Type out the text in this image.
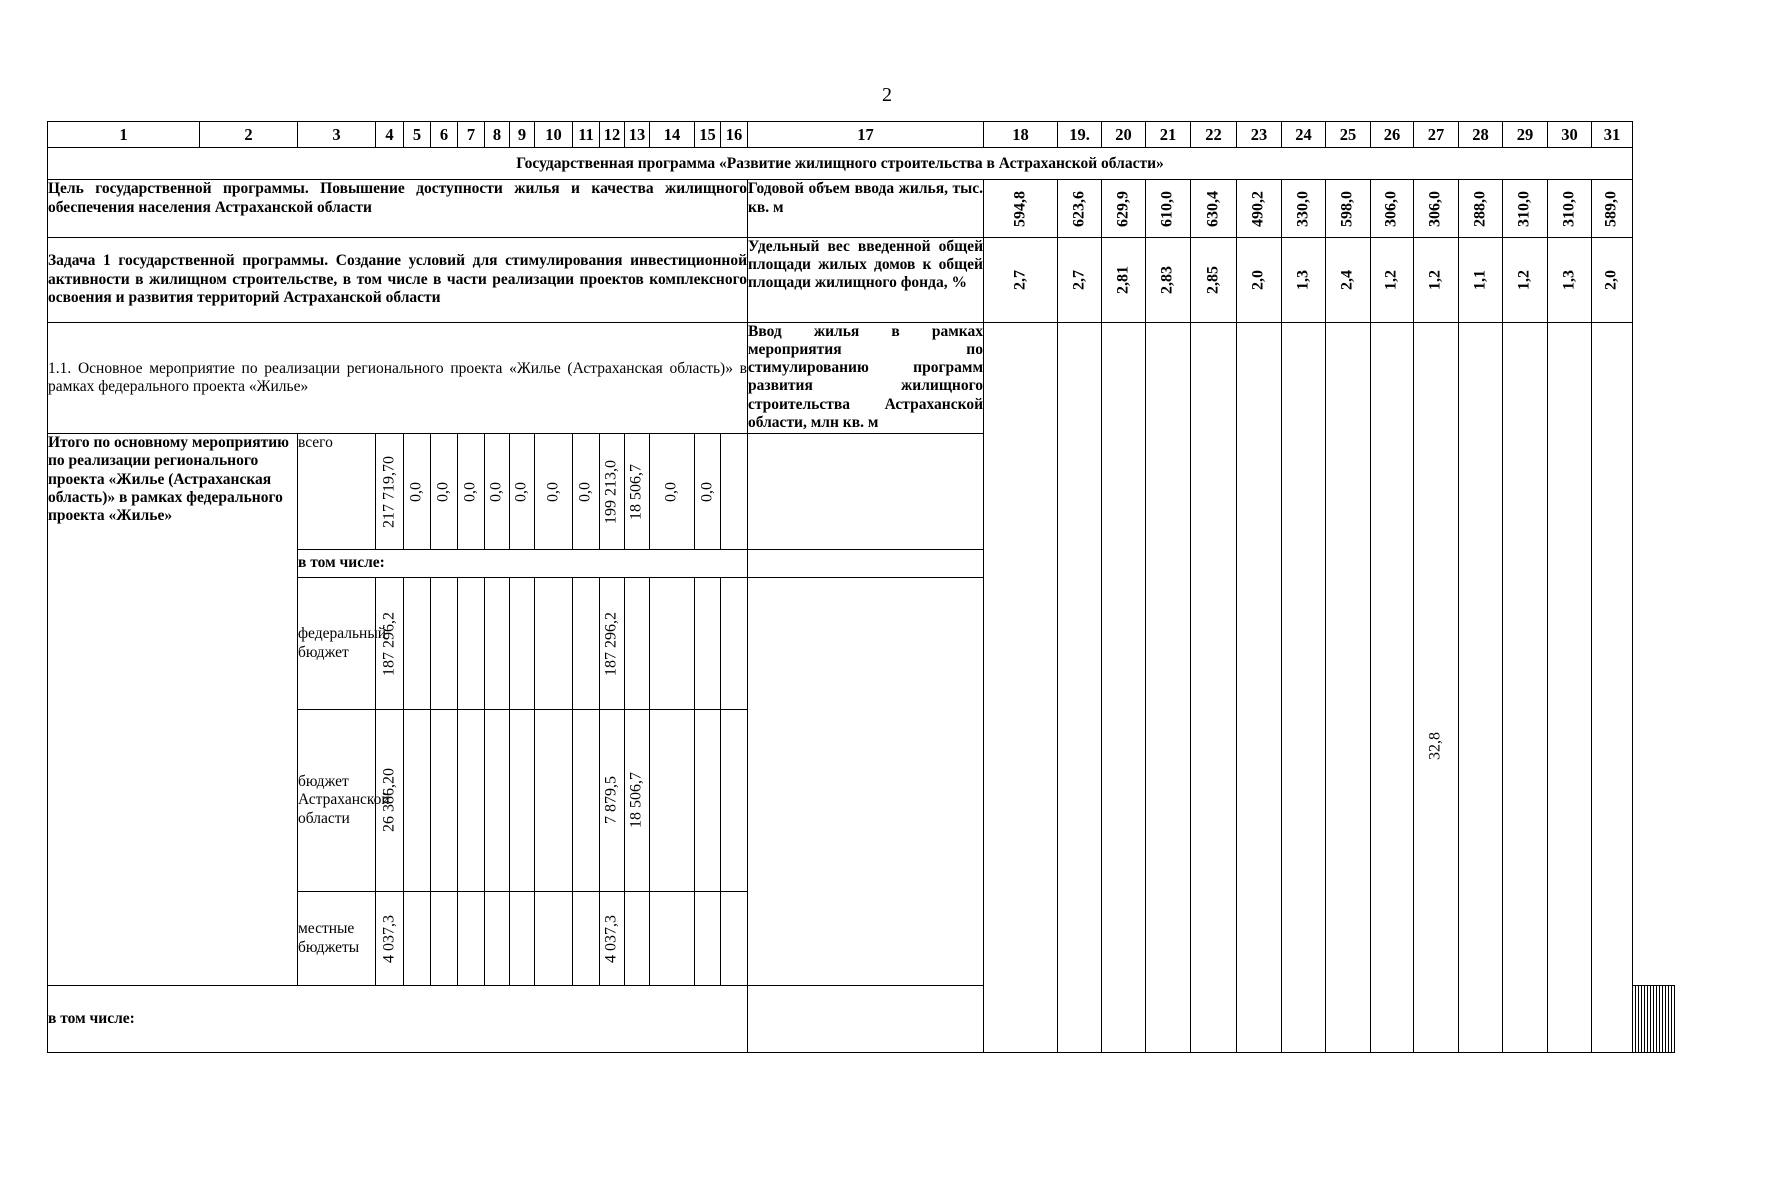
2
1	2	3	4	5	6	7	8	9	10	11	12	13	14	15	16	17	18	19.	20	21	22	23	24	25	26	27	28	29	30	31														
Государственная программа «Развитие жилищного строительства в Астраханской области»																																												
Цель государственной программы. Повышение доступности жилья и качества жилищного обеспечения населения Астраханской области																Годовой объем ввода жилья, тыс. кв. м	594,8	623,6	629,9	610,0	630,4	490,2	330,0	598,0	306,0	306,0	288,0	310,0	310,0	589,0														

Задача 1 государственной программы. Создание условий для стимулирования инвестиционной активности в жилищном строительстве, в том числе в части реализации проектов комплексного освоения и развития территорий Астраханской области																Удельный вес введенной общей площади жилых домов к общей площади жилищного фонда, %	2,7	2,7	2,81	2,83	2,85	2,0	1,3	2,4	1,2	1,2	1,1	1,2	1,3	2,0														

1.1. Основное мероприятие по реализации регионального проекта «Жилье (Астраханская область)» в рамках федерального проекта «Жилье»																Ввод жилья в рамках мероприятия по стимулированию программ развития жилищного строительства Астраханской области, млн кв. м										32,8																		

Итого по основному мероприятию по реализации регионального проекта «Жилье (Астраханская область)» в рамках федерального проекта «Жилье»		всего	217 719,70	0,0	0,0	0,0	0,0	0,0	0,0	0,0	199 213,0	18 506,7	0,0	0,0																														

		в том числе:																																										
		федеральный бюджет	187 296,2								187 296,2																																	

		бюджет Астраханской области	26 386,20								7 879,5	18 506,7																																

		местные бюджеты	4 037,3								4 037,3																																	

в том числе:																																												
